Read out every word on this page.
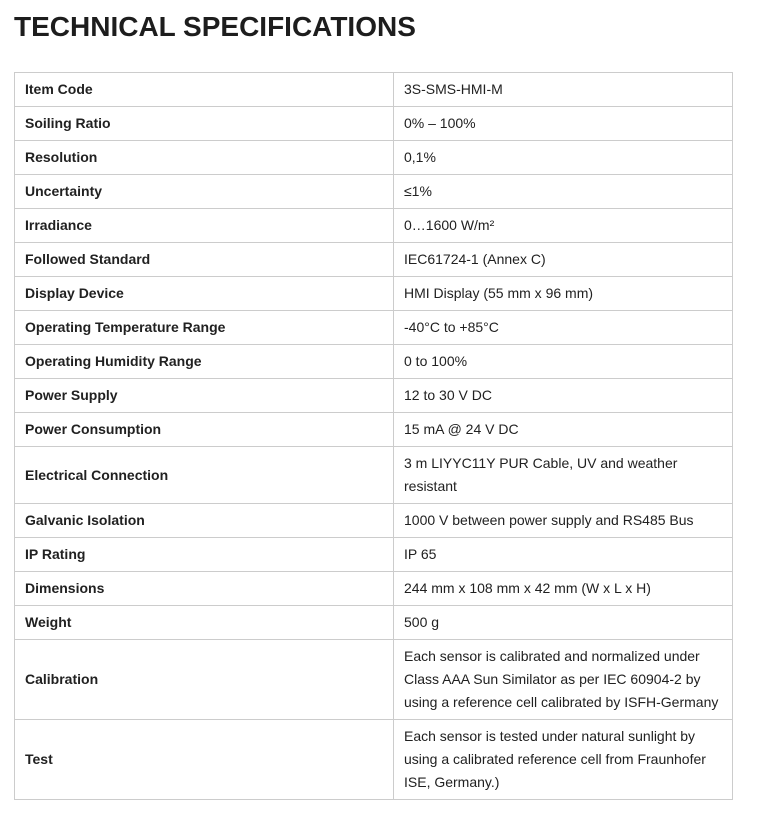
TECHNICAL SPECIFICATIONS
Item Code	3S-SMS-HMI-M
Soiling Ratio	0% – 100%
Resolution	0,1%
Uncertainty	≤1%
Irradiance	0…1600 W/m²
Followed Standard	IEC61724-1 (Annex C)
Display Device	HMI Display (55 mm x 96 mm)
Operating Temperature Range	-40°C to +85°C
Operating Humidity Range	0 to 100%
Power Supply	12 to 30 V DC
Power Consumption	15 mA @ 24 V DC
Electrical Connection	3 m LIYYC11Y PUR Cable, UV and weather resistant
Galvanic Isolation	1000 V between power supply and RS485 Bus
IP Rating	IP 65
Dimensions	244 mm x 108 mm x 42 mm (W x L x H)
Weight	500 g
Calibration	Each sensor is calibrated and normalized under Class AAA Sun Similator as per IEC 60904-2 by using a reference cell calibrated by ISFH-Germany
Test	Each sensor is tested under natural sunlight by using a calibrated reference cell from Fraunhofer ISE, Germany.)
